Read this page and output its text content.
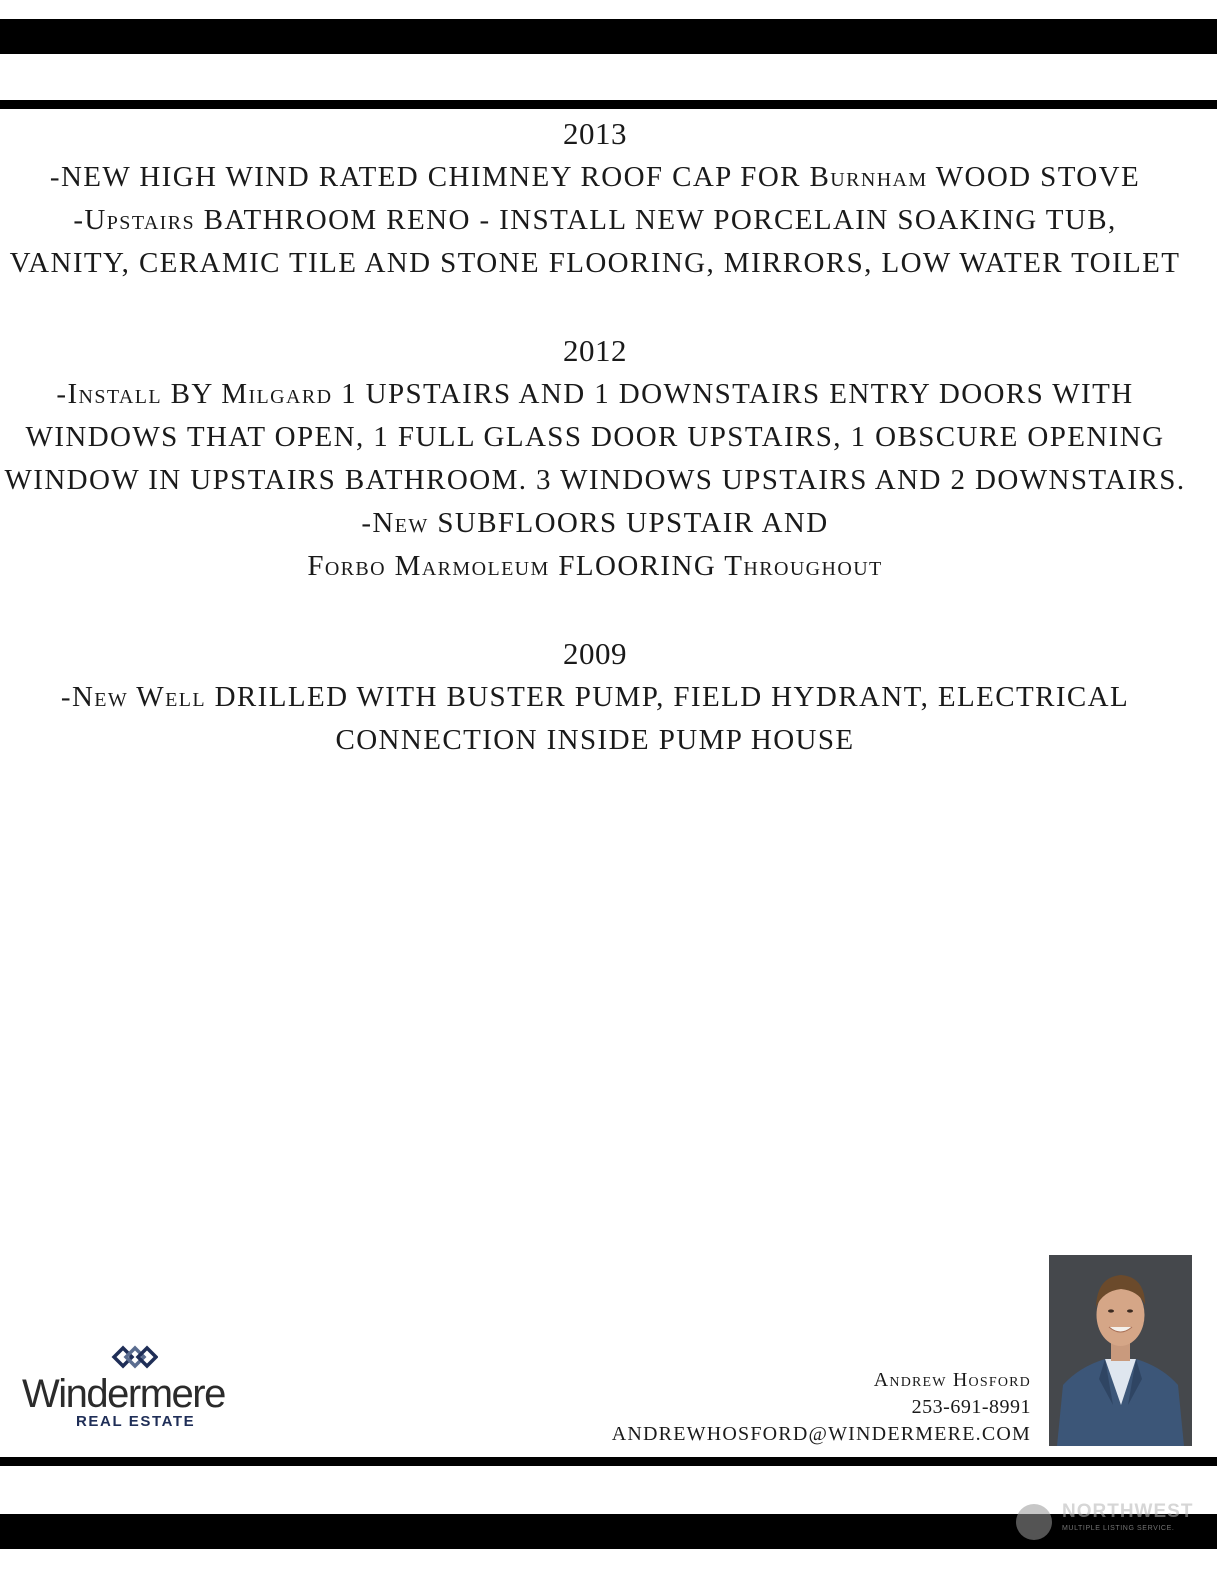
2013
-NEW HIGH WIND RATED CHIMNEY ROOF CAP FOR Burnham WOOD STOVE
-Upstairs BATHROOM RENO - INSTALL NEW PORCELAIN SOAKING TUB,
VANITY, CERAMIC TILE AND STONE FLOORING, MIRRORS, LOW WATER TOILET
2012
-Install BY Milgard 1 UPSTAIRS AND 1 DOWNSTAIRS ENTRY DOORS WITH
WINDOWS THAT OPEN, 1 FULL GLASS DOOR UPSTAIRS, 1 OBSCURE OPENING
WINDOW IN UPSTAIRS BATHROOM. 3 WINDOWS UPSTAIRS AND 2 DOWNSTAIRS.
-New SUBFLOORS UPSTAIR AND
Forbo Marmoleum FLOORING Throughout
2009
-New Well DRILLED WITH BUSTER PUMP, FIELD HYDRANT, ELECTRICAL
CONNECTION INSIDE PUMP HOUSE
Windermere
REAL ESTATE
Andrew Hosford
253-691-8991
ANDREWHOSFORD@WINDERMERE.COM
NORTHWEST
MULTIPLE LISTING SERVICE.
